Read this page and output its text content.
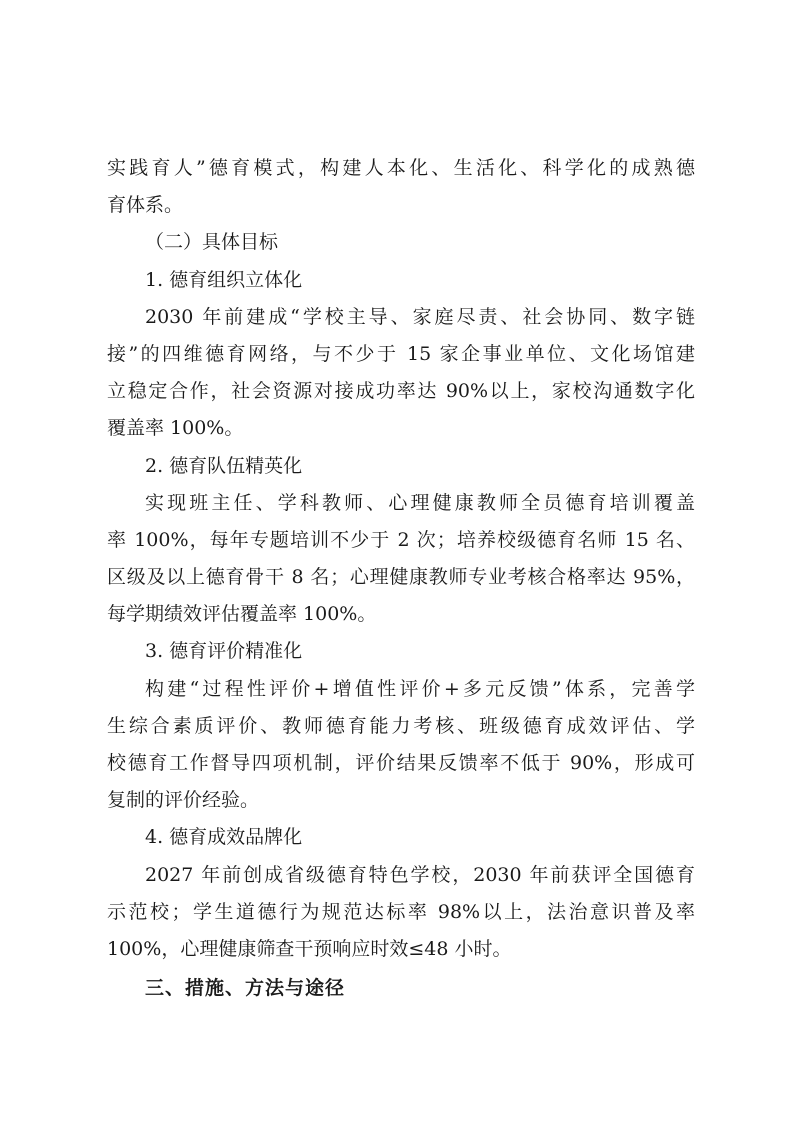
实践育人”德育模式，构建人本化、生活化、科学化的成熟德
育体系。
（二）具体目标
1. 德育组织立体化
2030 年前建成“学校主导、家庭尽责、社会协同、数字链
接”的四维德育网络，与不少于 15 家企事业单位、文化场馆建
立稳定合作，社会资源对接成功率达 90%以上，家校沟通数字化
覆盖率 100%。
2. 德育队伍精英化
实现班主任、学科教师、心理健康教师全员德育培训覆盖
率 100%，每年专题培训不少于 2 次；培养校级德育名师 15 名、
区级及以上德育骨干 8 名；心理健康教师专业考核合格率达 95%，
每学期绩效评估覆盖率 100%。
3. 德育评价精准化
构建“过程性评价+增值性评价+多元反馈”体系，完善学
生综合素质评价、教师德育能力考核、班级德育成效评估、学
校德育工作督导四项机制，评价结果反馈率不低于 90%，形成可
复制的评价经验。
4. 德育成效品牌化
2027 年前创成省级德育特色学校，2030 年前获评全国德育
示范校；学生道德行为规范达标率 98%以上，法治意识普及率
100%，心理健康筛查干预响应时效≤48 小时。
三、措施、方法与途径
